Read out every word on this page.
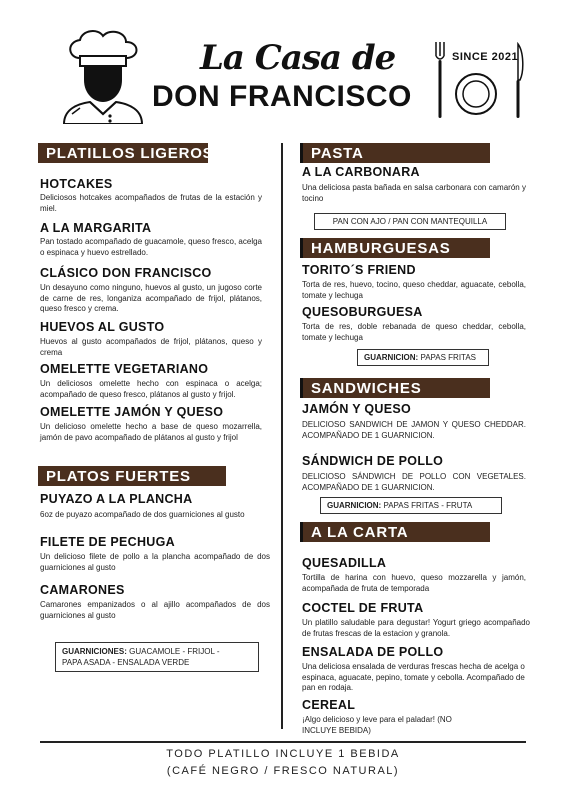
La Casa de
DON FRANCISCO
SINCE 2021
PLATILLOS LIGEROS
HOTCAKES
Deliciosos hotcakes acompañados de frutas de la estación y miel.
A LA MARGARITA
Pan tostado acompañado de guacamole, queso fresco, acelga o espinaca y huevo estrellado.
CLÁSICO DON FRANCISCO
Un desayuno como ninguno, huevos al gusto, un jugoso corte de carne de res, longaniza acompañado de frijol, plátanos, queso fresco y crema.
HUEVOS AL GUSTO
Huevos al gusto acompañados de frijol, plátanos, queso y crema
OMELETTE VEGETARIANO
Un deliciosos omelette hecho con espinaca o acelga; acompañado de queso fresco, plátanos al gusto y frijol.
OMELETTE JAMÓN Y QUESO
Un delicioso omelette hecho a base de queso mozarrella, jamón de pavo acompañado de plátanos al gusto y frijol
PLATOS FUERTES
PUYAZO A LA PLANCHA
6oz de puyazo acompañado de dos guarniciones al gusto
FILETE DE PECHUGA
Un delicioso filete de pollo a la plancha acompañado de dos guarniciones al gusto
CAMARONES
Camarones empanizados o al ajillo acompañados de dos guarniciones al gusto
GUARNICIONES: GUACAMOLE - FRIJOL -
PAPA ASADA - ENSALADA VERDE
PASTA
A LA CARBONARA
Una deliciosa pasta bañada en salsa carbonara con camarón y tocino
PAN CON AJO / PAN CON MANTEQUILLA
HAMBURGUESAS
TORITO´S FRIEND
Torta de res, huevo, tocino, queso cheddar, aguacate, cebolla, tomate y lechuga
QUESOBURGUESA
Torta de res, doble rebanada de queso cheddar, cebolla, tomate y lechuga
GUARNICION: PAPAS FRITAS
SANDWICHES
JAMÓN Y QUESO
DELICIOSO SANDWICH DE JAMON Y QUESO CHEDDAR. ACOMPAÑADO DE 1 GUARNICION.
SÁNDWICH DE POLLO
DELICIOSO SÁNDWICH DE POLLO CON VEGETALES. ACOMPAÑADO DE 1 GUARNICION.
GUARNICION: PAPAS FRITAS - FRUTA
A LA CARTA
QUESADILLA
Tortilla de harina con huevo, queso mozzarella y jamón, acompañada de fruta de temporada
COCTEL DE FRUTA
Un platillo saludable para degustar! Yogurt griego acompañado de frutas frescas de la estacion y granola.
ENSALADA DE POLLO
Una deliciosa ensalada de verduras frescas hecha de acelga o espinaca, aguacate, pepino, tomate y cebolla. Acompañado de pan en rodaja.
CEREAL
¡Algo delicioso y leve para el paladar! (NO INCLUYE BEBIDA)
TODO PLATILLO INCLUYE 1 BEBIDA
(CAFÉ NEGRO / FRESCO NATURAL)
